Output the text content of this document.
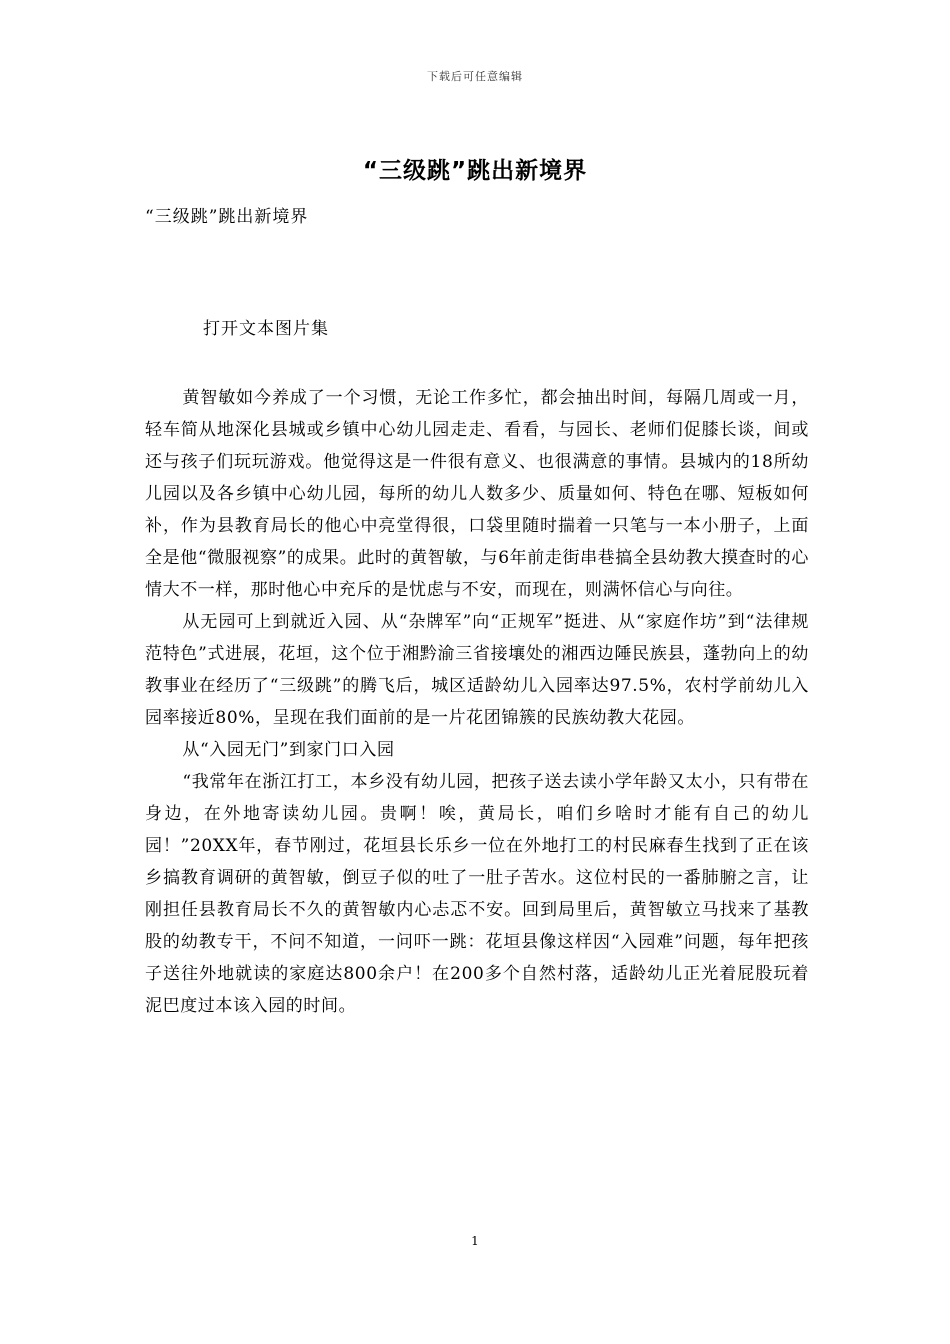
下载后可任意编辑
“三级跳”跳出新境界
“三级跳”跳出新境界
打开文本图片集

黄智敏如今养成了一个习惯，无论工作多忙，都会抽出时间，每隔几周或一月，轻车简从地深化县城或乡镇中心幼儿园走走、看看，与园长、老师们促膝长谈，间或还与孩子们玩玩游戏。他觉得这是一件很有意义、也很满意的事情。县城内的18所幼儿园以及各乡镇中心幼儿园，每所的幼儿人数多少、质量如何、特色在哪、短板如何补，作为县教育局长的他心中亮堂得很，口袋里随时揣着一只笔与一本小册子，上面全是他“微服视察”的成果。此时的黄智敏，与6年前走街串巷搞全县幼教大摸查时的心情大不一样，那时他心中充斥的是忧虑与不安，而现在，则满怀信心与向往。

从无园可上到就近入园、从“杂牌军”向“正规军”挺进、从“家庭作坊”到“法律规范特色”式进展，花垣，这个位于湘黔渝三省接壤处的湘西边陲民族县，蓬勃向上的幼教事业在经历了“三级跳”的腾飞后，城区适龄幼儿入园率达97.5%，农村学前幼儿入园率接近80%，呈现在我们面前的是一片花团锦簇的民族幼教大花园。

从“入园无门”到家门口入园

“我常年在浙江打工，本乡没有幼儿园，把孩子送去读小学年龄又太小，只有带在身边，在外地寄读幼儿园。贵啊！唉，黄局长，咱们乡啥时才能有自己的幼儿园！”20XX年，春节刚过，花垣县长乐乡一位在外地打工的村民麻春生找到了正在该乡搞教育调研的黄智敏，倒豆子似的吐了一肚子苦水。这位村民的一番肺腑之言，让刚担任县教育局长不久的黄智敏内心忐忑不安。回到局里后，黄智敏立马找来了基教股的幼教专干，不问不知道，一问吓一跳：花垣县像这样因“入园难”问题，每年把孩子送往外地就读的家庭达800余户！在200多个自然村落，适龄幼儿正光着屁股玩着泥巴度过本该入园的时间。

1
